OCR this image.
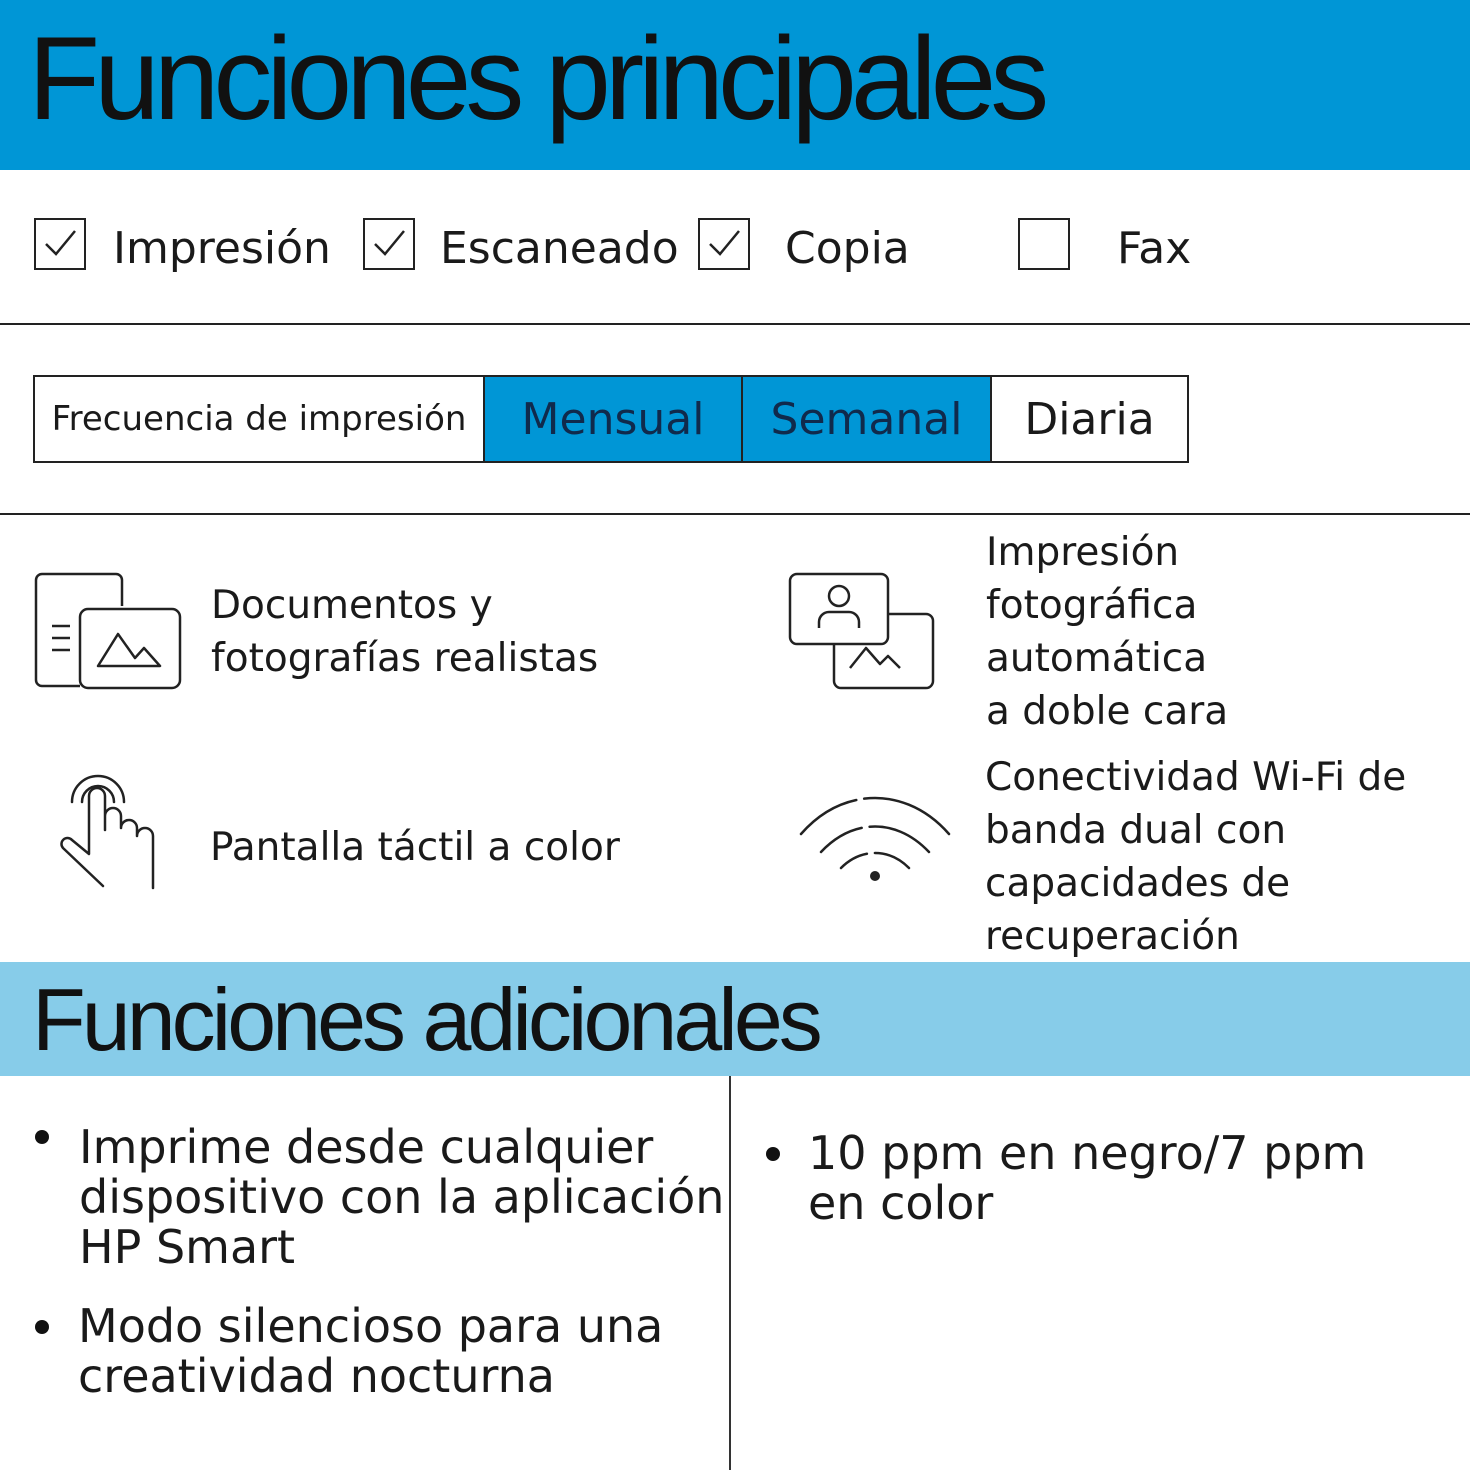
Funciones principales
Impresión Escaneado Copia	Fax
Frecuencia de impresión	Mensual	Semanal	Diaria
Documentos y
fotografías realistas
Impresión
fotográfica
automática
a doble cara
Pantalla táctil a color
Conectividad Wi-Fi de
banda dual con
capacidades de
recuperación
Funciones adicionales
Imprime desde cualquier
dispositivo con la aplicación
HP Smart
Modo silencioso para una
creatividad nocturna
10 ppm en negro/7 ppm
en color
